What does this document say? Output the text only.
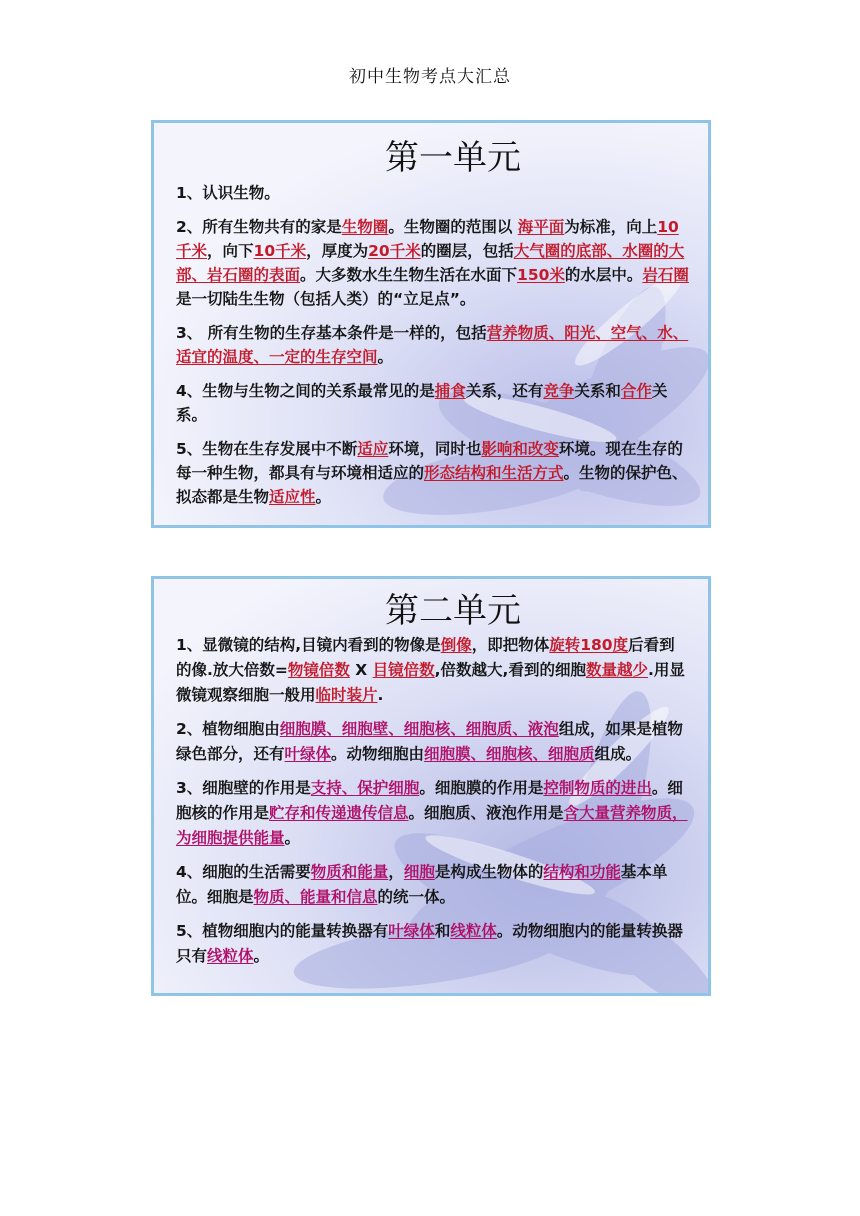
初中生物考点大汇总
第一单元

1、认识生物。

2、所有生物共有的家是生物圈。生物圈的范围以 海平面为标准，向上10千米，向下10千米，厚度为20千米的圈层，包括大气圈的底部、水圈的大部、岩石圈的表面。大多数水生生物生活在水面下150米的水层中。岩石圈是一切陆生生物（包括人类）的“立足点”。

3、 所有生物的生存基本条件是一样的，包括营养物质、阳光、空气、水、适宜的温度、一定的生存空间。

4、生物与生物之间的关系最常见的是捕食关系，还有竞争关系和合作关系。

5、生物在生存发展中不断适应环境，同时也影响和改变环境。现在生存的每一种生物，都具有与环境相适应的形态结构和生活方式。生物的保护色、拟态都是生物适应性。

第二单元

1、显微镜的结构,目镜内看到的物像是倒像，即把物体旋转180度后看到的像.放大倍数=物镜倍数 X 目镜倍数,倍数越大,看到的细胞数量越少.用显微镜观察细胞一般用临时装片.

2、植物细胞由细胞膜、细胞壁、细胞核、细胞质、液泡组成，如果是植物绿色部分，还有叶绿体。动物细胞由细胞膜、细胞核、细胞质组成。

3、细胞壁的作用是支持、保护细胞。细胞膜的作用是控制物质的进出。细胞核的作用是贮存和传递遗传信息。细胞质、液泡作用是含大量营养物质，为细胞提供能量。

4、细胞的生活需要物质和能量，细胞是构成生物体的结构和功能基本单位。细胞是物质、能量和信息的统一体。

5、植物细胞内的能量转换器有叶绿体和线粒体。动物细胞内的能量转换器只有线粒体。
